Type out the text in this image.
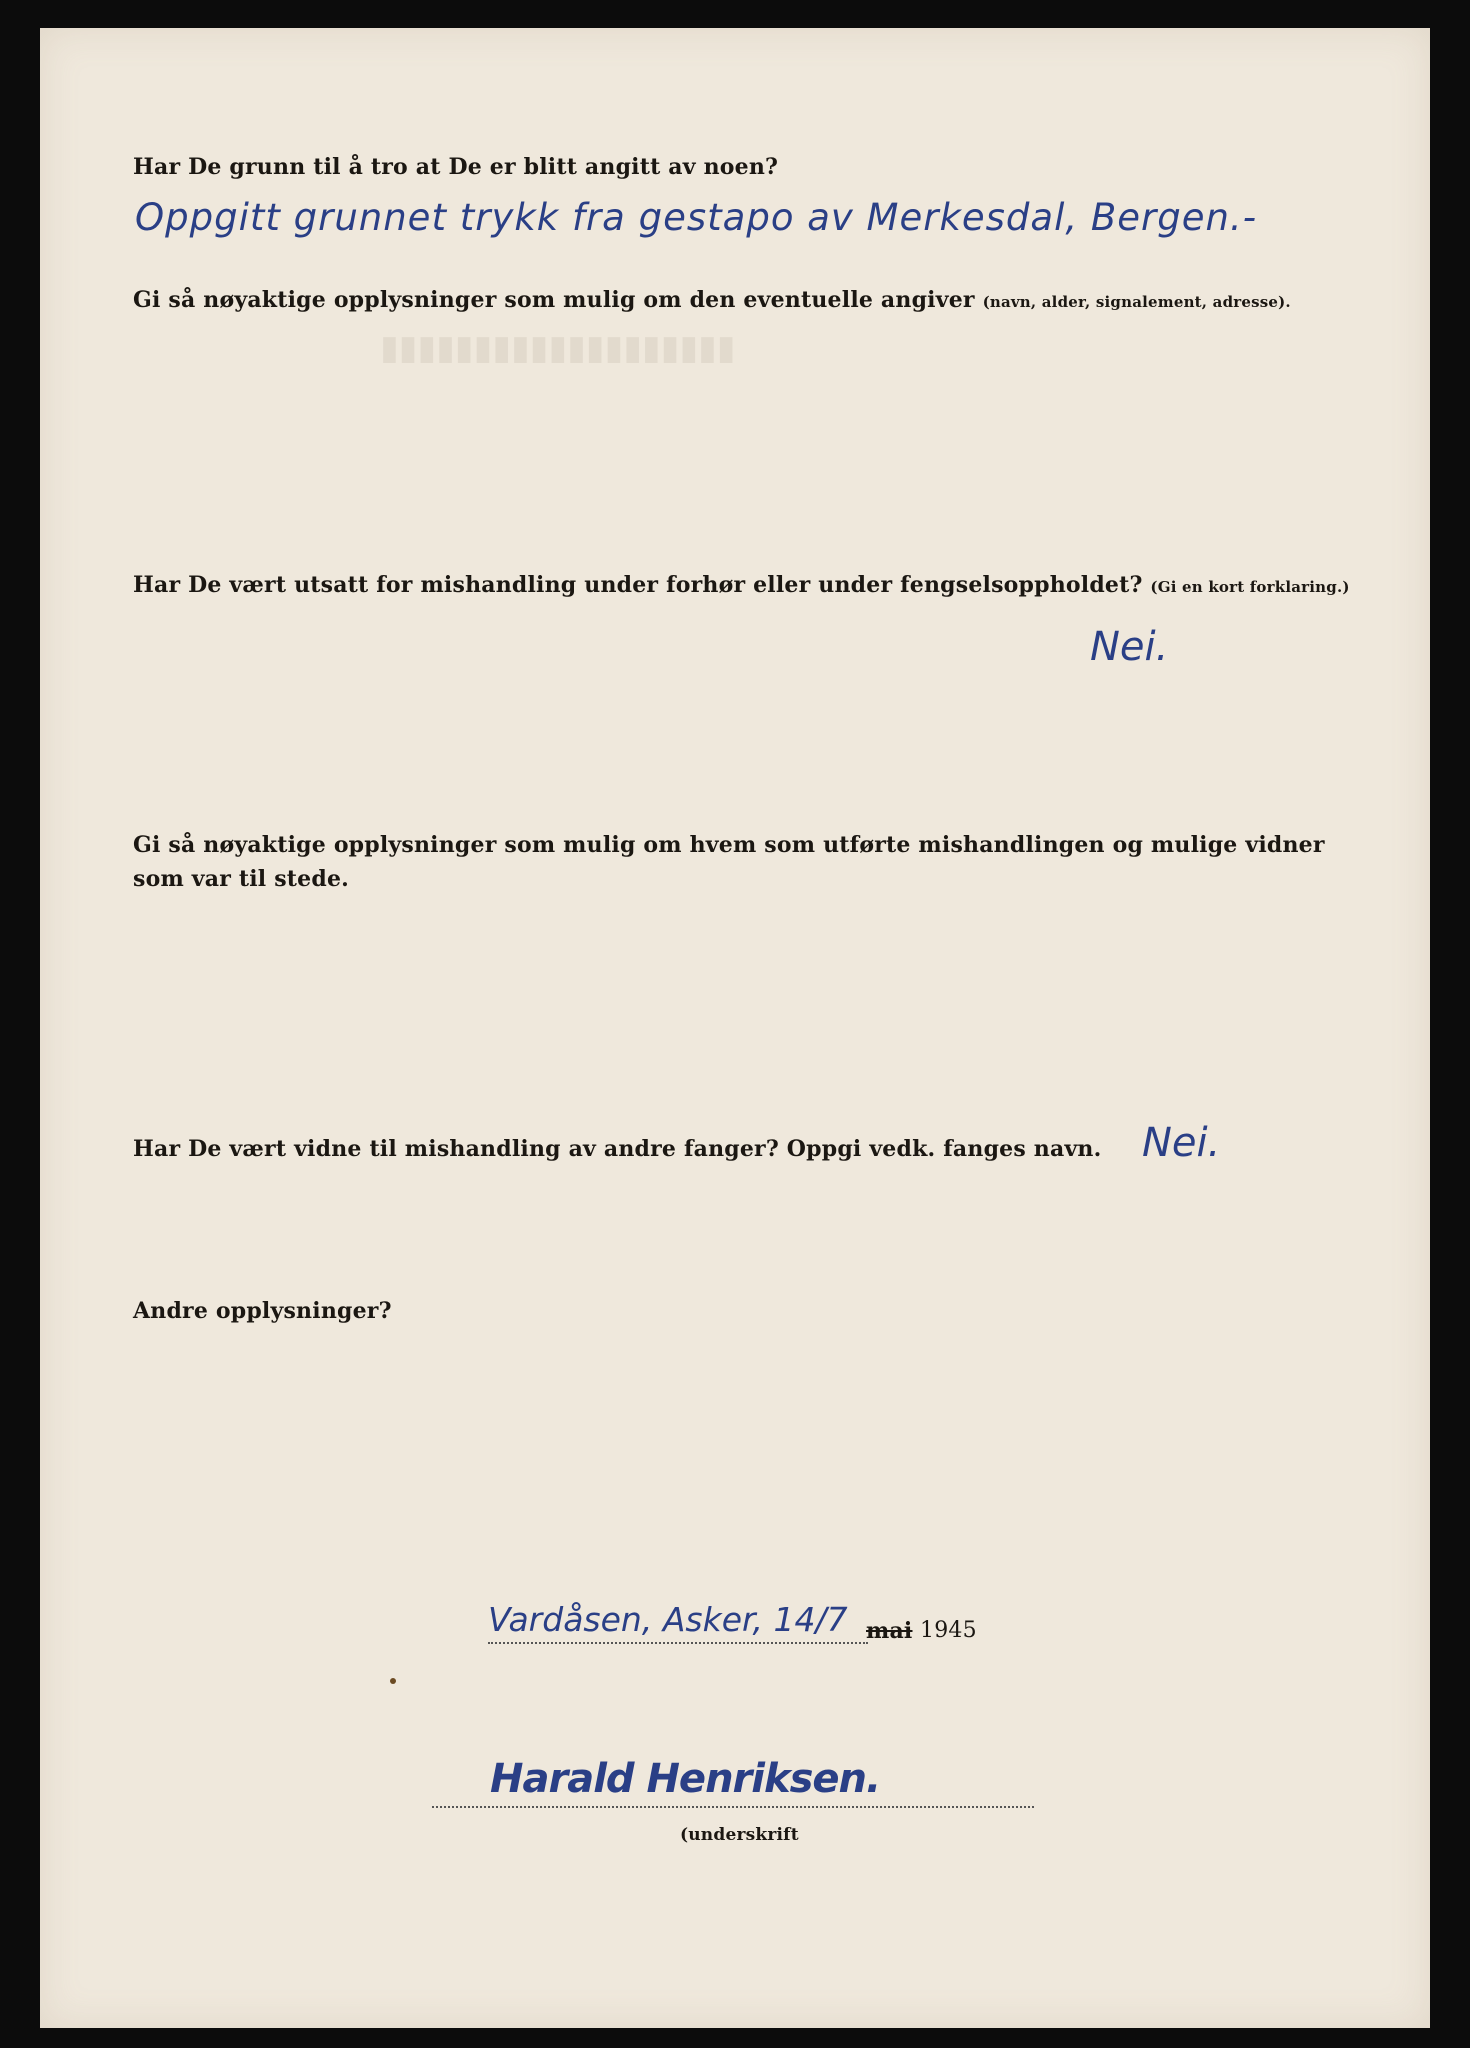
▮▮▮▮▮▮▮▮▮▮▮▮▮▮▮▮▮▮▮
Har De grunn til å tro at De er blitt angitt av noen?
Oppgitt grunnet trykk fra gestapo av Merkesdal, Bergen.-
Gi så nøyaktige opplysninger som mulig om den eventuelle angiver (navn, alder, signalement, adresse).
Har De vært utsatt for mishandling under forhør eller under fengselsoppholdet? (Gi en kort forklaring.)
Nei.
Gi så nøyaktige opplysninger som mulig om hvem som utførte mishandlingen og mulige vidner som var til stede.
Har De vært vidne til mishandling av andre fanger? Oppgi vedk. fanges navn. Nei.
Andre opplysninger?
Vardåsen, Asker, 14/7 mai 1945
Harald Henriksen.
(underskrift
